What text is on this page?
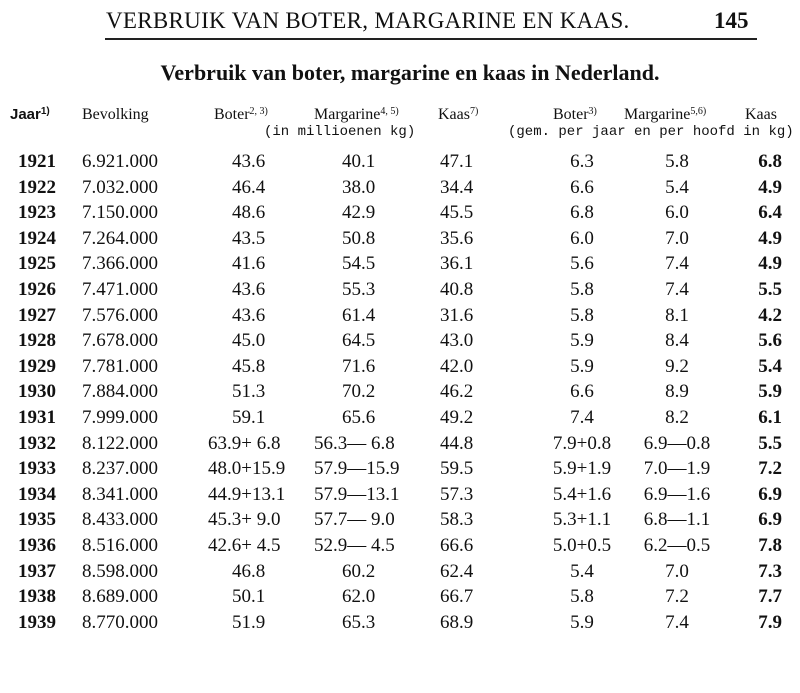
VERBRUIK VAN BOTER, MARGARINE EN KAAS.	145
Verbruik van boter, margarine en kaas in Nederland.
Jaar$^{1)}$ Bevolking	Boter$^{2, 3)}$	Margarine$^{4, 5)}$ Kaas$^{7)}$	Boter$^{3)}$ Margarine$^{5,6)}$ Kaas
(in millioenen kg)	(gem. per jaar en per hoofd in kg)
1921 6.921.000	43.6	40.1	47.1	6.3	5.8	6.8
1922 7.032.000	46.4	38.0	34.4	6.6	5.4	4.9
1923 7.150.000	48.6	42.9	45.5	6.8	6.0	6.4
1924 7.264.000	43.5	50.8	35.6	6.0	7.0	4.9
1925 7.366.000	41.6	54.5	36.1	5.6	7.4	4.9
1926 7.471.000	43.6	55.3	40.8	5.8	7.4	5.5
1927 7.576.000	43.6	61.4	31.6	5.8	8.1	4.2
1928 7.678.000	45.0	64.5	43.0	5.9	8.4	5.6
1929 7.781.000	45.8	71.6	42.0	5.9	9.2	5.4
1930 7.884.000	51.3	70.2	46.2	6.6	8.9	5.9
1931 7.999.000	59.1	65.6	49.2	7.4	8.2	6.1
1932 8.122.000	63.9+ 6.8	56.3— 6.8	44.8	7.9+0.8	6.9—0.8	5.5
1933 8.237.000	48.0+15.9	57.9—15.9	59.5	5.9+1.9	7.0—1.9	7.2
1934 8.341.000	44.9+13.1	57.9—13.1	57.3	5.4+1.6	6.9—1.6	6.9
1935 8.433.000	45.3+ 9.0	57.7— 9.0	58.3	5.3+1.1	6.8—1.1	6.9
1936 8.516.000	42.6+ 4.5	52.9— 4.5	66.6	5.0+0.5	6.2—0.5	7.8
1937 8.598.000	46.8	60.2	62.4	5.4	7.0	7.3
1938 8.689.000	50.1	62.0	66.7	5.8	7.2	7.7
1939 8.770.000	51.9	65.3	68.9	5.9	7.4	7.9
